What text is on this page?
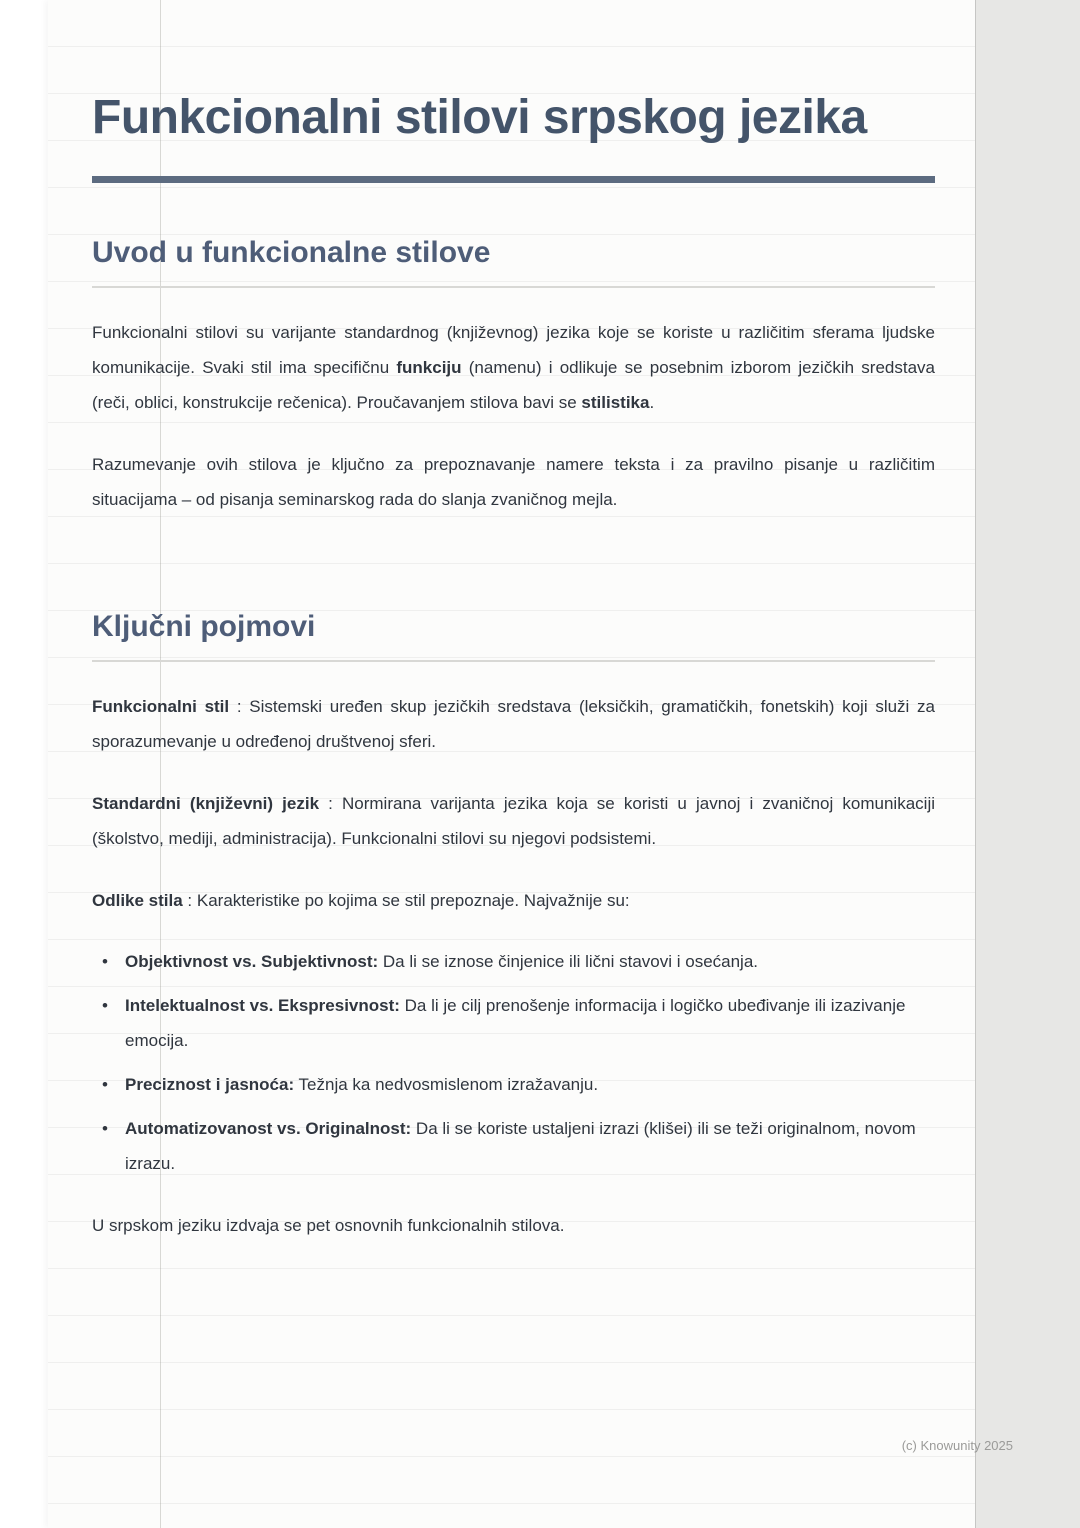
Funkcionalni stilovi srpskog jezika
Uvod u funkcionalne stilove

Funkcionalni stilovi su varijante standardnog (književnog) jezika koje se koriste u različitim sferama ljudske komunikacije. Svaki stil ima specifičnu funkciju (namenu) i odlikuje se posebnim izborom jezičkih sredstava (reči, oblici, konstrukcije rečenica). Proučavanjem stilova bavi se stilistika.

Razumevanje ovih stilova je ključno za prepoznavanje namere teksta i za pravilno pisanje u različitim situacijama – od pisanja seminarskog rada do slanja zvaničnog mejla.

Ključni pojmovi

Funkcionalni stil : Sistemski uređen skup jezičkih sredstava (leksičkih, gramatičkih, fonetskih) koji služi za sporazumevanje u određenoj društvenoj sferi.

Standardni (književni) jezik : Normirana varijanta jezika koja se koristi u javnoj i zvaničnoj komunikaciji (školstvo, mediji, administracija). Funkcionalni stilovi su njegovi podsistemi.

Odlike stila : Karakteristike po kojima se stil prepoznaje. Najvažnije su:

• Objektivnost vs. Subjektivnost: Da li se iznose činjenice ili lični stavovi i osećanja.
• Intelektualnost vs. Ekspresivnost: Da li je cilj prenošenje informacija i logičko ubeđivanje ili izazivanje emocija.
• Preciznost i jasnoća: Težnja ka nedvosmislenom izražavanju.
• Automatizovanost vs. Originalnost: Da li se koriste ustaljeni izrazi (klišei) ili se teži originalnom, novom izrazu.

U srpskom jeziku izdvaja se pet osnovnih funkcionalnih stilova.

(c) Knowunity 2025
